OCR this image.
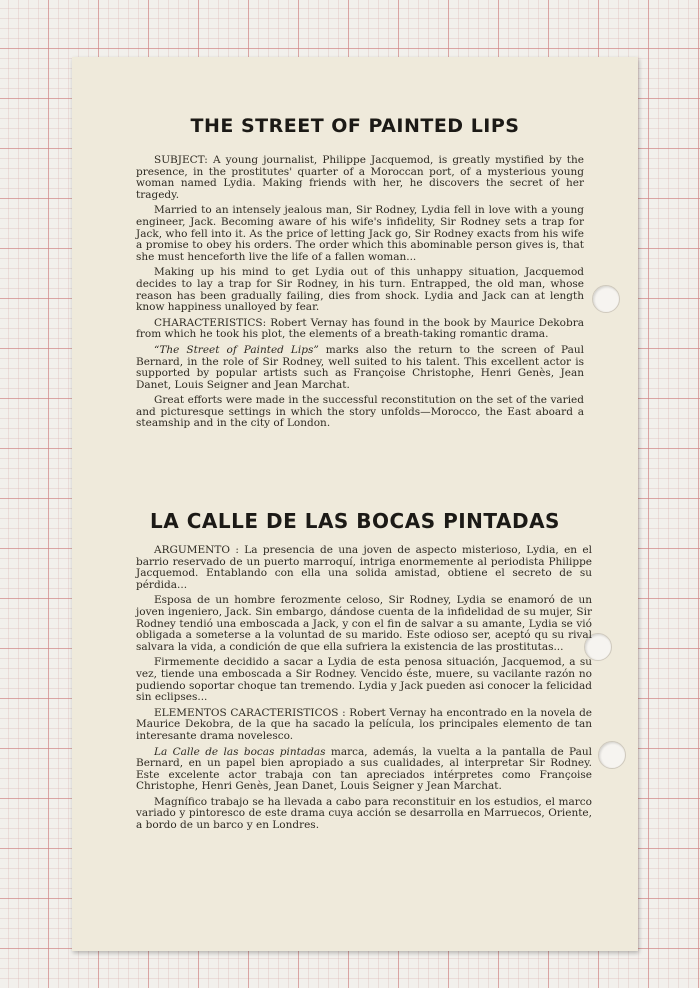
THE STREET OF PAINTED LIPS

SUBJECT: A young journalist, Philippe Jacquemod, is greatly mystified by the presence, in the prostitutes' quarter of a Moroccan port, of a mysterious young woman named Lydia. Making friends with her, he discovers the secret of her tragedy.

Married to an intensely jealous man, Sir Rodney, Lydia fell in love with a young engineer, Jack. Becoming aware of his wife's infidelity, Sir Rodney sets a trap for Jack, who fell into it. As the price of letting Jack go, Sir Rodney exacts from his wife a promise to obey his orders. The order which this abominable person gives is, that she must henceforth live the life of a fallen woman...

Making up his mind to get Lydia out of this unhappy situation, Jacquemod decides to lay a trap for Sir Rodney, in his turn. Entrapped, the old man, whose reason has been gradually failing, dies from shock. Lydia and Jack can at length know happiness unalloyed by fear.

CHARACTERISTICS: Robert Vernay has found in the book by Maurice Dekobra from which he took his plot, the elements of a breath-taking romantic drama.

“The Street of Painted Lips” marks also the return to the screen of Paul Bernard, in the role of Sir Rodney, well suited to his talent. This excellent actor is supported by popular artists such as Françoise Christophe, Henri Genès, Jean Danet, Louis Seigner and Jean Marchat.

Great efforts were made in the successful reconstitution on the set of the varied and picturesque settings in which the story unfolds—Morocco, the East aboard a steamship and in the city of London.

LA CALLE DE LAS BOCAS PINTADAS

ARGUMENTO : La presencia de una joven de aspecto misterioso, Lydia, en el barrio reservado de un puerto marroquí, intriga enormemente al periodista Philippe Jacquemod. Entablando con ella una solida amistad, obtiene el secreto de su pérdida...

Esposa de un hombre ferozmente celoso, Sir Rodney, Lydia se enamoró de un joven ingeniero, Jack. Sin embargo, dándose cuenta de la infidelidad de su mujer, Sir Rodney tendió una emboscada a Jack, y con el fin de salvar a su amante, Lydia se vió obligada a someterse a la voluntad de su marido. Este odioso ser, aceptó qu su rival salvara la vida, a condición de que ella sufriera la existencia de las prostitutas...

Firmemente decidido a sacar a Lydia de esta penosa situación, Jacquemod, a su vez, tiende una emboscada a Sir Rodney. Vencido éste, muere, su vacilante razón no pudiendo soportar choque tan tremendo. Lydia y Jack pueden asi conocer la felicidad sin eclipses...

ELEMENTOS CARACTERISTICOS : Robert Vernay ha encontrado en la novela de Maurice Dekobra, de la que ha sacado la película, los principales elemento de tan interesante drama novelesco.

La Calle de las bocas pintadas marca, además, la vuelta a la pantalla de Paul Bernard, en un papel bien apropiado a sus cualidades, al interpretar Sir Rodney. Este excelente actor trabaja con tan apreciados intérpretes como Françoise Christophe, Henri Genès, Jean Danet, Louis Seigner y Jean Marchat.

Magnífico trabajo se ha llevada a cabo para reconstituir en los estudios, el marco variado y pintoresco de este drama cuya acción se desarrolla en Marruecos, Oriente, a bordo de un barco y en Londres.
